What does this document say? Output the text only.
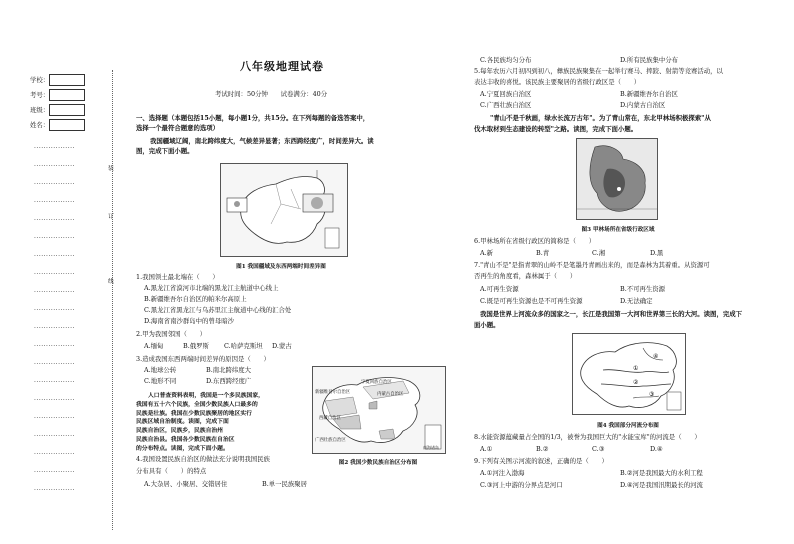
学校：
考号：
班级：
姓名：
·················
·················
·················
·················
·················
·················
·················
·················
·················
·················
·················
·················
·················
·················
·················
·················
·················
·················
·················
·················
装
订
线
八年级地理试卷
考试时间：50分钟　　试卷满分：40分
一、选择题（本题包括15小题，每小题1分，共15分。在下列每题的备选答案中，
选择一个最符合题意的选项）
我国疆域辽阔，南北跨纬度大，气候差异显著；东西跨经度广，时间差异大。读
图，完成下面小题。
图1 我国疆域及东西两端时间差异图
1.我国领土最北端在（　　）
A.黑龙江省漠河市北端的黑龙江主航道中心线上
B.新疆维吾尔自治区的帕米尔高原上
C.黑龙江省黑龙江与乌苏里江主航道中心线的汇合处
D.海南省南沙群岛中的曾母暗沙
2.甲为我国邻国（　　）
A.缅甸	B.俄罗斯 C.哈萨克斯坦 D.蒙古
3.造成我国东西两端时间差异的原因是（　　）
A.地球公转	B.南北跨纬度大
C.地形不同	D.东西跨经度广
人口普查资料表明，我国是一个多民族国家，
我国有五十六个民族，全国少数民族人口最多的
民族是壮族。我国在少数民族聚居的地区实行
民族区域自治制度。读图，完成下面
民族自治区，民族乡，民族自治州
民族自治县。我国各少数民族在自治区
的分布特点。读图，完成下面小题。
新疆维吾尔自治区
西藏自治区
宁夏回族自治区
内蒙古自治区
广西壮族自治区
南海诸岛
图2 我国少数民族自治区分布图
4.我国设置民族自治区的做法充分说明我国民族
分布具有（　　）的特点
A.大杂居、小聚居、交错居住	B.单一民族聚居
C.各民族均匀分布	D.所有民族集中分布
5.每年农历六月初四到初八，彝族民族聚集在一起举行赛马、摔跤、射箭等竞赛活动，以
表达丰收的喜悦。该民族主要聚居的省级行政区是（　　）
A.宁夏回族自治区	B.新疆维吾尔自治区
C.广西壮族自治区	D.内蒙古自治区
"青山不是千秋画，绿水长流万古年"。为了青山常在，东北甲林场积极探索"从
伐木取材到生态建设的转型"之路。读图，完成下面小题。
图3 甲林场所在省级行政区域
6.甲林场所在省级行政区的简称是（　　）
A.新	B.青	C.湘	D.黑
7."青山不是"是指青翠的山岭不是笔墨丹青画出来的，而是森林为其着重。从资源可
否再生的角度看，森林属于（　　）
A.可再生资源	B.不可再生资源
C.既是可再生资源也是不可再生资源	D.无法确定
我国是世界上河流众多的国家之一，长江是我国第一大河和世界第三长的大河。读图，完成下
面小题。
①
②
③
④
图4 我国部分河流分布图
8.水能资源蕴藏量占全国的1/3，被誉为我国巨大的"水能宝库"的河流是（　　）
A.①	B.②	C.③	D.④
9.下列有关图示河流的叙述，正确的是（　　）
A.①河注入渤海	B.②河是我国最大的水利工程
C.③河上中游的分界点是河口	D.④河是我国汛期最长的河流
